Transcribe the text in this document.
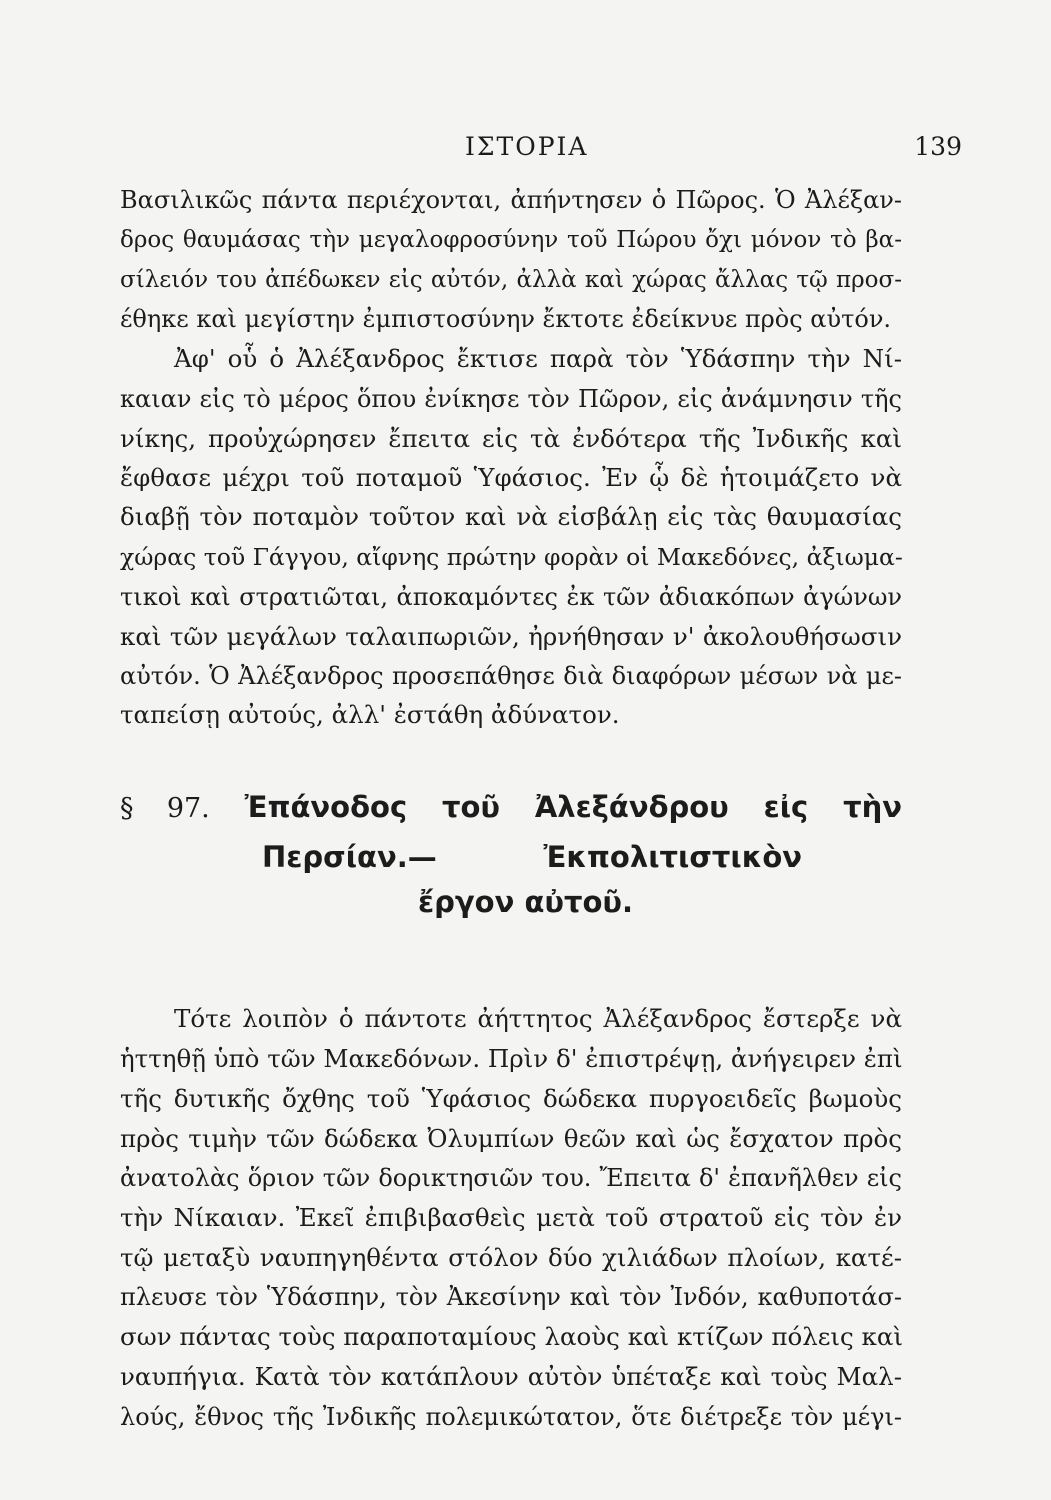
ΙΣΤΟΡΙΑ	139
Βασιλικῶς πάντα περιέχονται, ἀπήντησεν ὁ Πῶρος. Ὁ Ἀλέξαν-
δρος θαυμάσας τὴν μεγαλοφροσύνην τοῦ Πώρου ὄχι μόνον τὸ βα-
σίλειόν του ἀπέδωκεν εἰς αὐτόν, ἀλλὰ καὶ χώρας ἄλλας τῷ προσ-
έθηκε καὶ μεγίστην ἐμπιστοσύνην ἔκτοτε ἐδείκνυε πρὸς αὐτόν.
Ἀφ' οὗ ὁ Ἀλέξανδρος ἔκτισε παρὰ τὸν Ὑδάσπην τὴν Νί-
καιαν εἰς τὸ μέρος ὅπου ἐνίκησε τὸν Πῶρον, εἰς ἀνάμνησιν τῆς
νίκης, προὐχώρησεν ἔπειτα εἰς τὰ ἐνδότερα τῆς Ἰνδικῆς καὶ
ἔφθασε μέχρι τοῦ ποταμοῦ Ὑφάσιος. Ἐν ᾧ δὲ ἡτοιμάζετο νὰ
διαβῇ τὸν ποταμὸν τοῦτον καὶ νὰ εἰσβάλῃ εἰς τὰς θαυμασίας
χώρας τοῦ Γάγγου, αἴφνης πρώτην φορὰν οἱ Μακεδόνες, ἀξιωμα-
τικοὶ καὶ στρατιῶται, ἀποκαμόντες ἐκ τῶν ἀδιακόπων ἀγώνων
καὶ τῶν μεγάλων ταλαιπωριῶν, ἠρνήθησαν ν' ἀκολουθήσωσιν
αὐτόν. Ὁ Ἀλέξανδρος προσεπάθησε διὰ διαφόρων μέσων νὰ με-
ταπείσῃ αὐτούς, ἀλλ' ἐστάθη ἀδύνατον.
Τότε λοιπὸν ὁ πάντοτε ἀήττητος Ἀλέξανδρος ἔστερξε νὰ
ἡττηθῇ ὑπὸ τῶν Μακεδόνων. Πρὶν δ' ἐπιστρέψῃ, ἀνήγειρεν ἐπὶ
τῆς δυτικῆς ὄχθης τοῦ Ὑφάσιος δώδεκα πυργοειδεῖς βωμοὺς
πρὸς τιμὴν τῶν δώδεκα Ὀλυμπίων θεῶν καὶ ὡς ἔσχατον πρὸς
ἀνατολὰς ὅριον τῶν δορικτησιῶν του. Ἔπειτα δ' ἐπανῆλθεν εἰς
τὴν Νίκαιαν. Ἐκεῖ ἐπιβιβασθεὶς μετὰ τοῦ στρατοῦ εἰς τὸν ἐν
τῷ μεταξὺ ναυπηγηθέντα στόλον δύο χιλιάδων πλοίων, κατέ-
πλευσε τὸν Ὑδάσπην, τὸν Ἀκεσίνην καὶ τὸν Ἰνδόν, καθυποτάσ-
σων πάντας τοὺς παραποταμίους λαοὺς καὶ κτίζων πόλεις καὶ
ναυπήγια. Κατὰ τὸν κατάπλουν αὐτὸν ὑπέταξε καὶ τοὺς Μαλ-
λούς, ἔθνος τῆς Ἰνδικῆς πολεμικώτατον, ὅτε διέτρεξε τὸν μέγι-
§ 97. Ἐπάνοδος τοῦ Ἀλεξάνδρου εἰς τὴν
Περσίαν.— Ἐκπολιτιστικὸν
ἔργον αὐτοῦ.
